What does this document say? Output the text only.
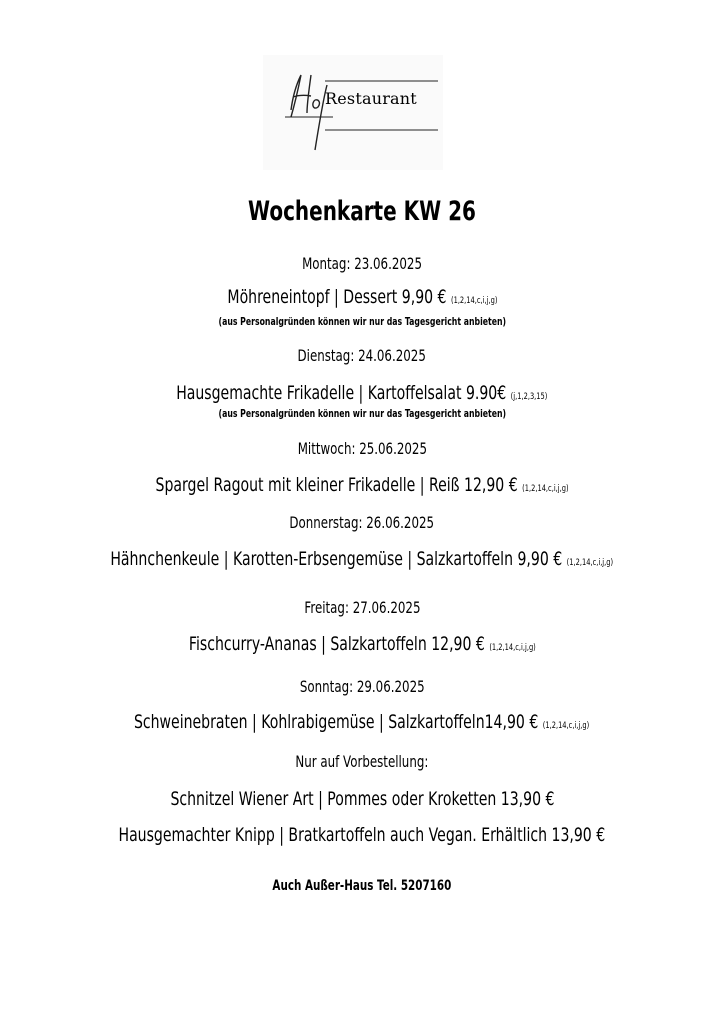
Restaurant
Wochenkarte KW 26
Montag: 23.06.2025
Möhreneintopf | Dessert 9,90 € (1,2,14,c,i,j,g)
(aus Personalgründen können wir nur das Tagesgericht anbieten)
Dienstag: 24.06.2025
Hausgemachte Frikadelle | Kartoffelsalat 9.90€ (j,1,2,3,15)
(aus Personalgründen können wir nur das Tagesgericht anbieten)
Mittwoch: 25.06.2025
Spargel Ragout mit kleiner Frikadelle | Reiß 12,90 € (1,2,14,c,i,j,g)
Donnerstag: 26.06.2025
Hähnchenkeule | Karotten-Erbsengemüse | Salzkartoffeln 9,90 € (1,2,14,c,i,j,g)
Freitag: 27.06.2025
Fischcurry-Ananas | Salzkartoffeln 12,90 € (1,2,14,c,i,j,g)
Sonntag: 29.06.2025
Schweinebraten | Kohlrabigemüse | Salzkartoffeln14,90 € (1,2,14,c,i,j,g)
Nur auf Vorbestellung:
Schnitzel Wiener Art | Pommes oder Kroketten 13,90 €
Hausgemachter Knipp | Bratkartoffeln auch Vegan. Erhältlich 13,90 €
Auch Außer-Haus Tel. 5207160
